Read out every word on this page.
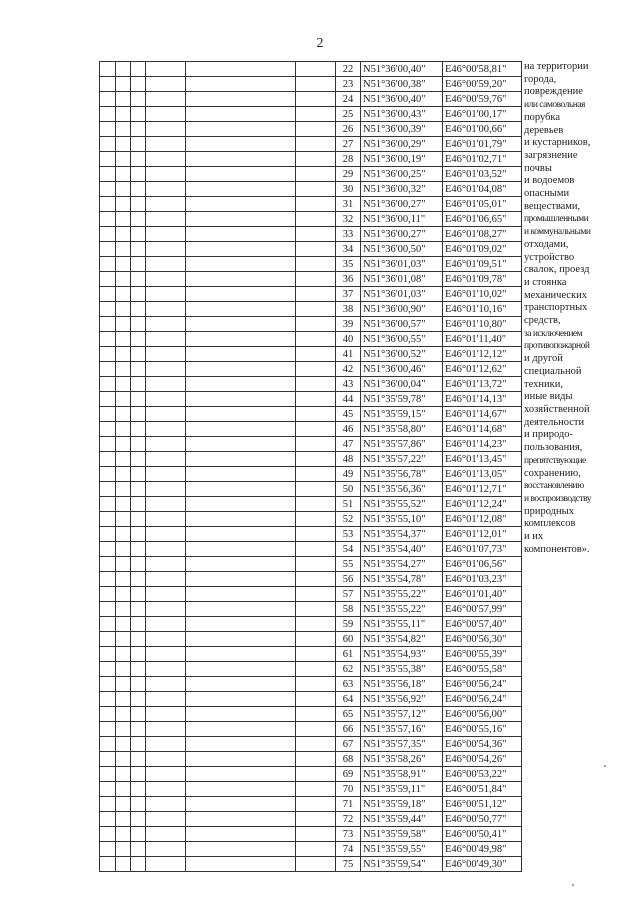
2
						22	N51°36'00,40"	E46°00'58,81"
						23	N51°36'00,38"	E46°00'59,20"
						24	N51°36'00,40"	E46°00'59,76"
						25	N51°36'00,43"	E46°01'00,17"
						26	N51°36'00,39"	E46°01'00,66"
						27	N51°36'00,29"	E46°01'01,79"
						28	N51°36'00,19"	E46°01'02,71"
						29	N51°36'00,25"	E46°01'03,52"
						30	N51°36'00,32"	E46°01'04,08"
						31	N51°36'00,27"	E46°01'05,01"
						32	N51°36'00,11"	E46°01'06,65"
						33	N51°36'00,27"	E46°01'08,27"
						34	N51°36'00,50"	E46°01'09,02"
						35	N51°36'01,03"	E46°01'09,51"
						36	N51°36'01,08"	E46°01'09,78"
						37	N51°36'01,03"	E46°01'10,02"
						38	N51°36'00,90"	E46°01'10,16"
						39	N51°36'00,57"	E46°01'10,80"
						40	N51°36'00,55"	E46°01'11,40"
						41	N51°36'00,52"	E46°01'12,12"
						42	N51°36'00,46"	E46°01'12,62"
						43	N51°36'00,04"	E46°01'13,72"
						44	N51°35'59,78"	E46°01'14,13"
						45	N51°35'59,15"	E46°01'14,67"
						46	N51°35'58,80"	E46°01'14,68"
						47	N51°35'57,86"	E46°01'14,23"
						48	N51°35'57,22"	E46°01'13,45"
						49	N51°35'56,78"	E46°01'13,05"
						50	N51°35'56,36"	E46°01'12,71"
						51	N51°35'55,52"	E46°01'12,24"
						52	N51°35'55,10"	E46°01'12,08"
						53	N51°35'54,37"	E46°01'12,01"
						54	N51°35'54,40"	E46°01'07,73"
						55	N51°35'54,27"	E46°01'06,56"
						56	N51°35'54,78"	E46°01'03,23"
						57	N51°35'55,22"	E46°01'01,40"
						58	N51°35'55,22"	E46°00'57,99"
						59	N51°35'55,11"	E46°00'57,40"
						60	N51°35'54,82"	E46°00'56,30"
						61	N51°35'54,93"	E46°00'55,39"
						62	N51°35'55,38"	E46°00'55,58"
						63	N51°35'56,18"	E46°00'56,24"
						64	N51°35'56,92"	E46°00'56,24"
						65	N51°35'57,12"	E46°00'56,00"
						66	N51°35'57,16"	E46°00'55,16"
						67	N51°35'57,35"	E46°00'54,36"
						68	N51°35'58,26"	E46°00'54,26"
						69	N51°35'58,91"	E46°00'53,22"
						70	N51°35'59,11"	E46°00'51,84"
						71	N51°35'59,18"	E46°00'51,12"
						72	N51°35'59,44"	E46°00'50,77"
						73	N51°35'59,58"	E46°00'50,41"
						74	N51°35'59,55"	E46°00'49,98"
						75	N51°35'59,54"	E46°00'49,30"
на территории
города,
повреждение
или самовольная
порубка
деревьев
и кустарников,
загрязнение
почвы
и водоемов
опасными
веществами,
промышленными
и коммунальными
отходами,
устройство
свалок, проезд
и стоянка
механических
транспортных
средств,
за исключением
противопожарной
и другой
специальной
техники,
иные виды
хозяйственной
деятельности
и природо-
пользования,
препятствующие
сохранению,
восстановлению
и воспроизводству
природных
комплексов
и их
компонентов».
